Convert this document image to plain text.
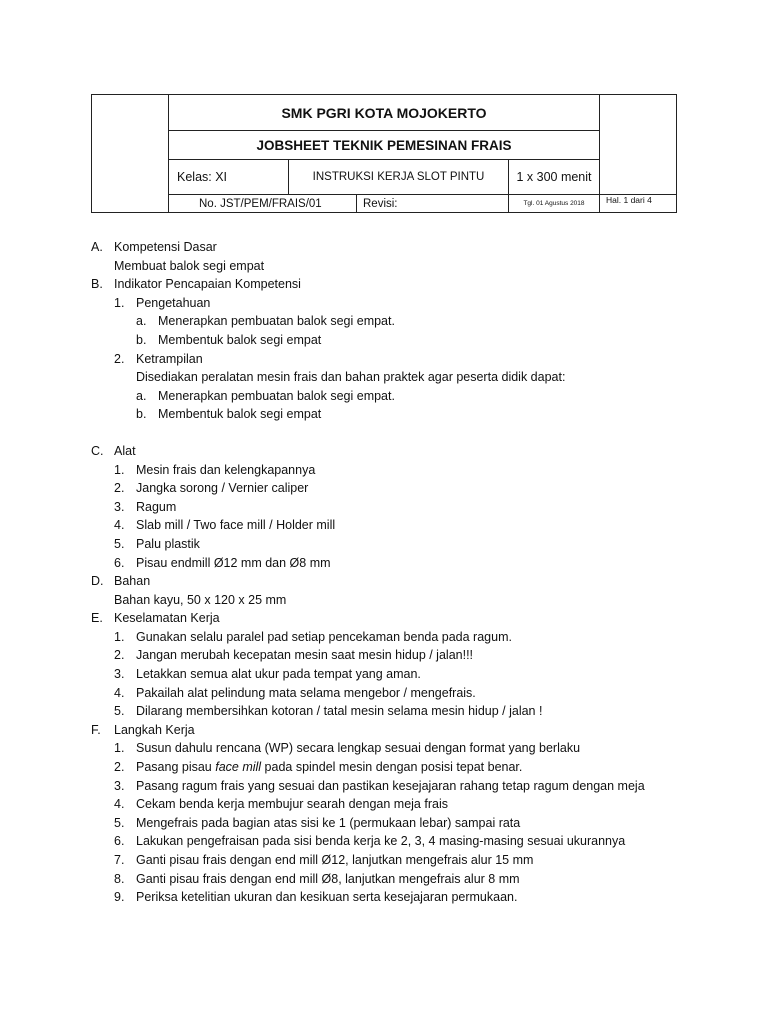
	SMK PGRI KOTA MOJOKERTO				
	JOBSHEET TEKNIK PEMESINAN FRAIS				
	Kelas: XI	INSTRUKSI KERJA SLOT PINTU		1 x 300 menit	
	No. JST/PEM/FRAIS/01		Revisi:	Tgl. 01 Agustus 2018	Hal. 1 dari 4
A. Kompetensi Dasar
Membuat balok segi empat
B. Indikator Pencapaian Kompetensi
1. Pengetahuan
a. Menerapkan pembuatan balok segi empat.
b. Membentuk balok segi empat
2. Ketrampilan
Disediakan peralatan mesin frais dan bahan praktek agar peserta didik dapat:
a. Menerapkan pembuatan balok segi empat.
b. Membentuk balok segi empat
C. Alat
1. Mesin frais dan kelengkapannya
2. Jangka sorong / Vernier caliper
3. Ragum
4. Slab mill / Two face mill / Holder mill
5. Palu plastik
6. Pisau endmill Ø12 mm dan Ø8 mm
D. Bahan
Bahan kayu, 50 x 120 x 25 mm
E. Keselamatan Kerja
1. Gunakan selalu paralel pad setiap pencekaman benda pada ragum.
2. Jangan merubah kecepatan mesin saat mesin hidup / jalan!!!
3. Letakkan semua alat ukur pada tempat yang aman.
4. Pakailah alat pelindung mata selama mengebor / mengefrais.
5. Dilarang membersihkan kotoran / tatal mesin selama mesin hidup / jalan !
F.	Langkah Kerja
1. Susun dahulu rencana (WP) secara lengkap sesuai dengan format yang berlaku
2. Pasang pisau face mill pada spindel mesin dengan posisi tepat benar.
3. Pasang ragum frais yang sesuai dan pastikan kesejajaran rahang tetap ragum dengan meja
4. Cekam benda kerja membujur searah dengan meja frais
5. Mengefrais pada bagian atas sisi ke 1 (permukaan lebar) sampai rata
6. Lakukan pengefraisan pada sisi benda kerja ke 2, 3, 4 masing-masing sesuai ukurannya
7. Ganti pisau frais dengan end mill Ø12, lanjutkan mengefrais alur 15 mm
8. Ganti pisau frais dengan end mill Ø8, lanjutkan mengefrais alur 8 mm
9. Periksa ketelitian ukuran dan kesikuan serta kesejajaran permukaan.
